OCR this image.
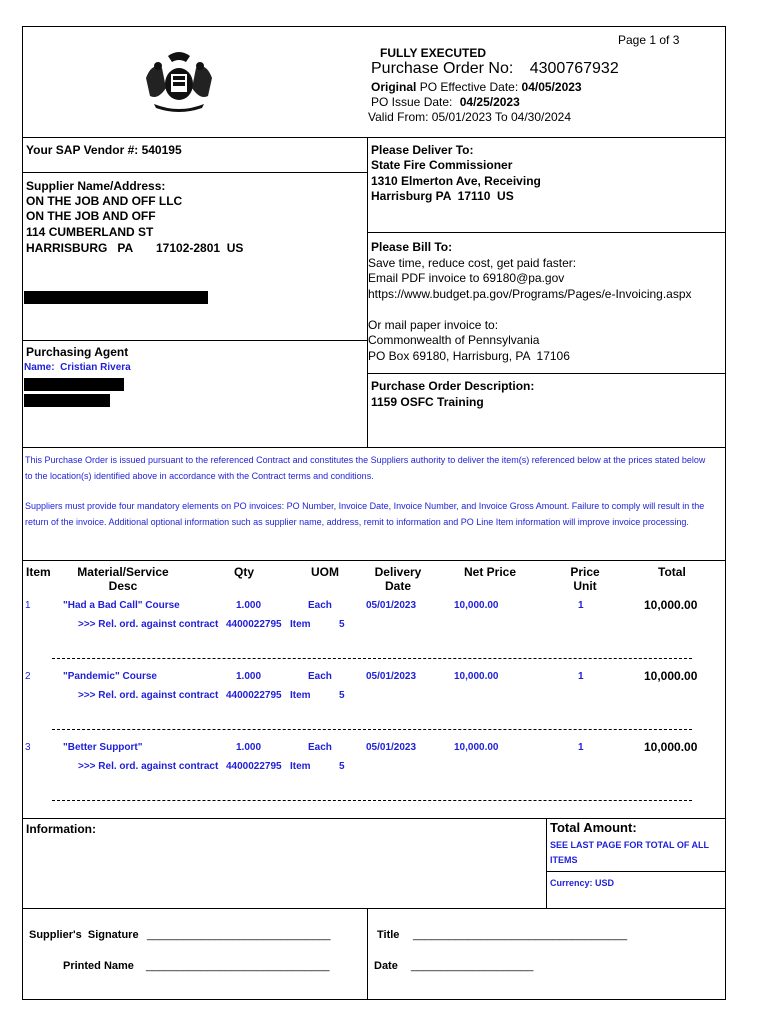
Page 1 of 3
FULLY EXECUTED
Purchase Order No: 4300767932
Original PO Effective Date: 04/05/2023
PO Issue Date: 04/25/2023
Valid From: 05/01/2023 To 04/30/2024
Your SAP Vendor #: 540195
Supplier Name/Address:
ON THE JOB AND OFF LLC
ON THE JOB AND OFF
114 CUMBERLAND ST
HARRISBURG   PA       17102-2801  US
Purchasing Agent
Name:  Cristian Rivera
Please Deliver To:
State Fire Commissioner
1310 Elmerton Ave, Receiving
Harrisburg PA  17110  US
Please Bill To:
Save time, reduce cost, get paid faster:
Email PDF invoice to 69180@pa.gov
https://www.budget.pa.gov/Programs/Pages/e-Invoicing.aspx
Or mail paper invoice to:
Commonwealth of Pennsylvania
PO Box 69180, Harrisburg, PA  17106
Purchase Order Description:
1159 OSFC Training
This Purchase Order is issued pursuant to the referenced Contract and constitutes the Suppliers authority to deliver the item(s) referenced below at the prices stated below to the location(s) identified above in accordance with the Contract terms and conditions.
Suppliers must provide four mandatory elements on PO invoices: PO Number, Invoice Date, Invoice Number, and Invoice Gross Amount. Failure to comply will result in the return of the invoice. Additional optional information such as supplier name, address, remit to information and PO Line Item information will improve invoice processing.
Item	Material/Service
Desc
Qty	UOM	Delivery
Date
Net Price	Price
Unit
Total
1	"Had a Bad Call" Course	1.000	Each	05/01/2023	10,000.00	1	10,000.00
>>> Rel. ord. against contract 4400022795 Item	5
2	"Pandemic" Course	1.000	Each	05/01/2023	10,000.00	1	10,000.00
>>> Rel. ord. against contract 4400022795 Item	5
3	"Better Support"	1.000	Each	05/01/2023	10,000.00	1	10,000.00
>>> Rel. ord. against contract 4400022795 Item	5
Information:	Total Amount:
SEE LAST PAGE FOR TOTAL OF ALL ITEMS
Currency: USD
Supplier's  Signature ______________________________
Printed Name ______________________________
Title ___________________________________
Date ____________________
